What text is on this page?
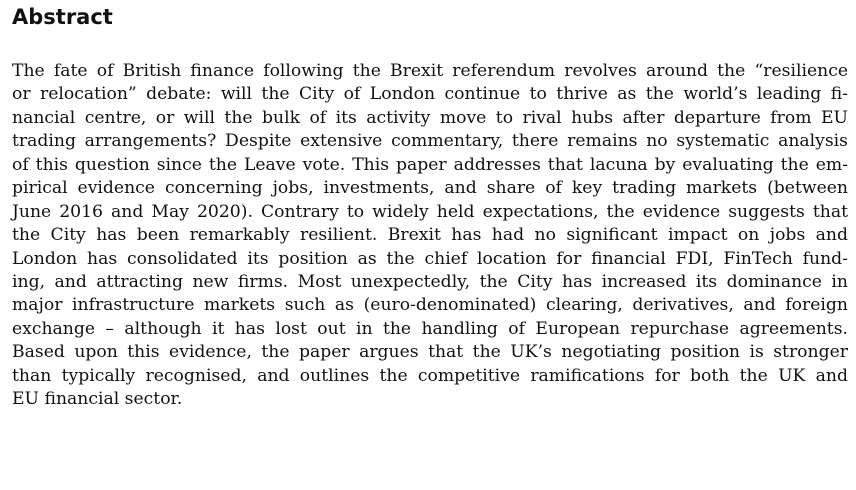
Abstract
The fate of British finance following the Brexit referendum revolves around the “resilience
or relocation” debate: will the City of London continue to thrive as the world’s leading fi-
nancial centre, or will the bulk of its activity move to rival hubs after departure from EU
trading arrangements? Despite extensive commentary, there remains no systematic analysis
of this question since the Leave vote. This paper addresses that lacuna by evaluating the em-
pirical evidence concerning jobs, investments, and share of key trading markets (between
June 2016 and May 2020). Contrary to widely held expectations, the evidence suggests that
the City has been remarkably resilient. Brexit has had no significant impact on jobs and
London has consolidated its position as the chief location for financial FDI, FinTech fund-
ing, and attracting new firms. Most unexpectedly, the City has increased its dominance in
major infrastructure markets such as (euro-denominated) clearing, derivatives, and foreign
exchange – although it has lost out in the handling of European repurchase agreements.
Based upon this evidence, the paper argues that the UK’s negotiating position is stronger
than typically recognised, and outlines the competitive ramifications for both the UK and
EU financial sector.
